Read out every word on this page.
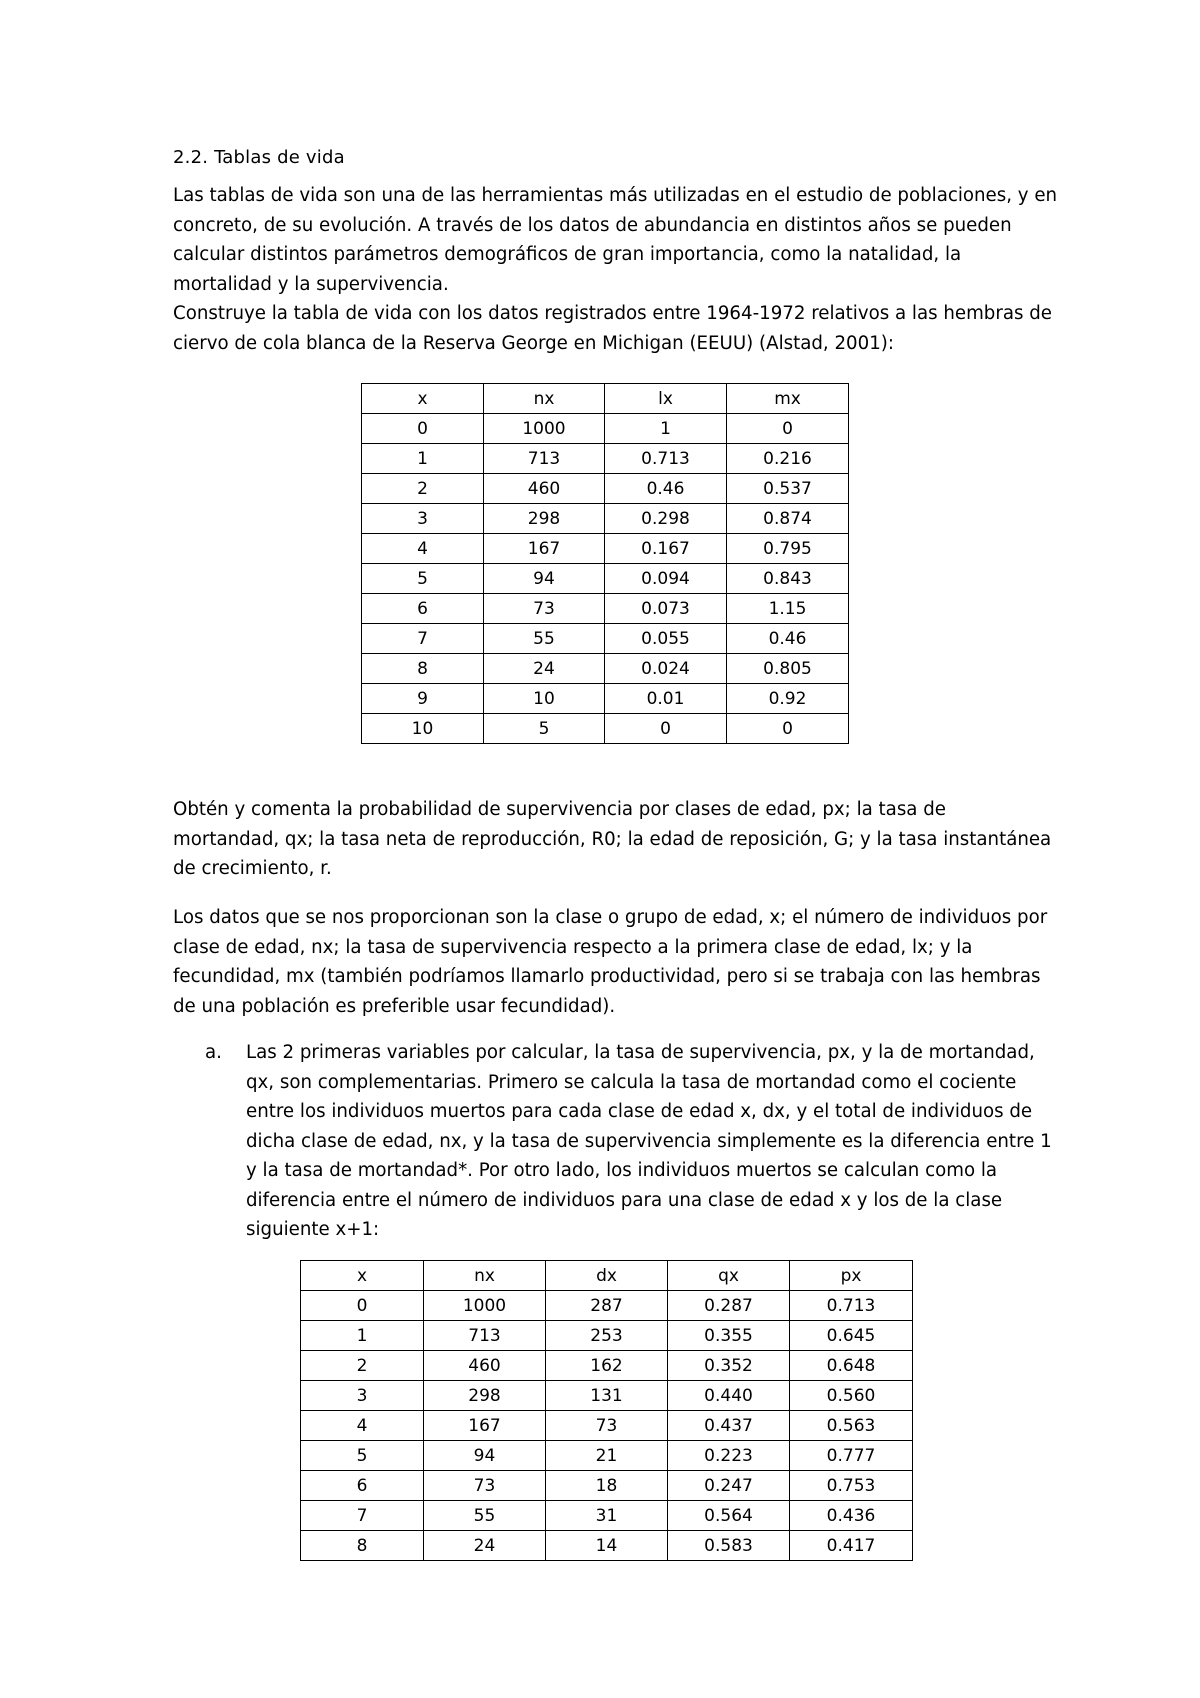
2.2. Tablas de vida

Las tablas de vida son una de las herramientas más utilizadas en el estudio de poblaciones, y en

concreto, de su evolución. A través de los datos de abundancia en distintos años se pueden

calcular distintos parámetros demográficos de gran importancia, como la natalidad, la

mortalidad y la supervivencia.

Construye la tabla de vida con los datos registrados entre 1964-1972 relativos a las hembras de

ciervo de cola blanca de la Reserva George en Michigan (EEUU) (Alstad, 2001):

x	nx	lx	mx
0	1000	1	0
1	713	0.713	0.216
2	460	0.46	0.537
3	298	0.298	0.874
4	167	0.167	0.795
5	94	0.094	0.843
6	73	0.073	1.15
7	55	0.055	0.46
8	24	0.024	0.805
9	10	0.01	0.92
10	5	0	0

Obtén y comenta la probabilidad de supervivencia por clases de edad, px; la tasa de

mortandad, qx; la tasa neta de reproducción, R0; la edad de reposición, G; y la tasa instantánea

de crecimiento, r.

Los datos que se nos proporcionan son la clase o grupo de edad, x; el número de individuos por

clase de edad, nx; la tasa de supervivencia respecto a la primera clase de edad, lx; y la

fecundidad, mx (también podríamos llamarlo productividad, pero si se trabaja con las hembras

de una población es preferible usar fecundidad).

a. Las 2 primeras variables por calcular, la tasa de supervivencia, px, y la de mortandad,

qx, son complementarias. Primero se calcula la tasa de mortandad como el cociente

entre los individuos muertos para cada clase de edad x, dx, y el total de individuos de

dicha clase de edad, nx, y la tasa de supervivencia simplemente es la diferencia entre 1

y la tasa de mortandad*. Por otro lado, los individuos muertos se calculan como la

diferencia entre el número de individuos para una clase de edad x y los de la clase

siguiente x+1:

x	nx	dx	qx	px
0	1000	287	0.287	0.713
1	713	253	0.355	0.645
2	460	162	0.352	0.648
3	298	131	0.440	0.560
4	167	73	0.437	0.563
5	94	21	0.223	0.777
6	73	18	0.247	0.753
7	55	31	0.564	0.436
8	24	14	0.583	0.417
